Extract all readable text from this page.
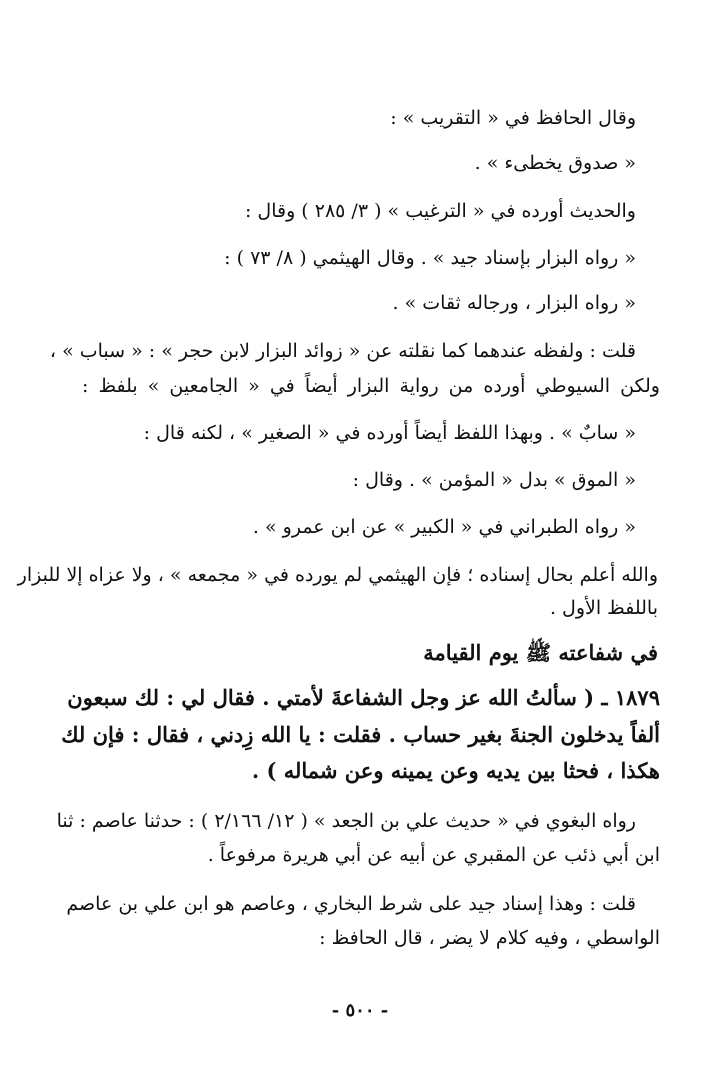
وقال الحافظ في « التقريب » :
« صدوق يخطىء » .
والحديث أورده في « الترغيب » ( ٣/ ٢٨٥ ) وقال :
« رواه البزار بإسناد جيد » . وقال الهيثمي ( ٨/ ٧٣ ) :
« رواه البزار ، ورجاله ثقات » .
قلت : ولفظه عندهما كما نقلته عن « زوائد البزار لابن حجر » : « سباب » ،
ولكن السيوطي أورده من رواية البزار أيضاً في « الجامعين » بلفظ :
« سابٌ » . وبهذا اللفظ أيضاً أورده في « الصغير » ، لكنه قال :
« الموق » بدل « المؤمن » . وقال :
« رواه الطبراني في « الكبير » عن ابن عمرو » .
والله أعلم بحال إسناده ؛ فإن الهيثمي لم يورده في « مجمعه » ، ولا عزاه إلا للبزار
باللفظ الأول .
في شفاعته ﷺ يوم القيامة
١٨٧٩ ـ ( سألتُ الله عز وجل الشفاعةَ لأمتي . فقال لي : لك سبعون
ألفاً يدخلون الجنةَ بغير حساب . فقلت : يا الله زِدني ، فقال : فإن لك
هكذا ، فحثا بين يديه وعن يمينه وعن شماله ) .
رواه البغوي في « حديث علي بن الجعد » ( ١٢/ ٢/١٦٦ ) : حدثنا عاصم : ثنا
ابن أبي ذئب عن المقبري عن أبيه عن أبي هريرة مرفوعاً .
قلت : وهذا إسناد جيد على شرط البخاري ، وعاصم هو ابن علي بن عاصم
الواسطي ، وفيه كلام لا يضر ، قال الحافظ :
- ٥٠٠ -
